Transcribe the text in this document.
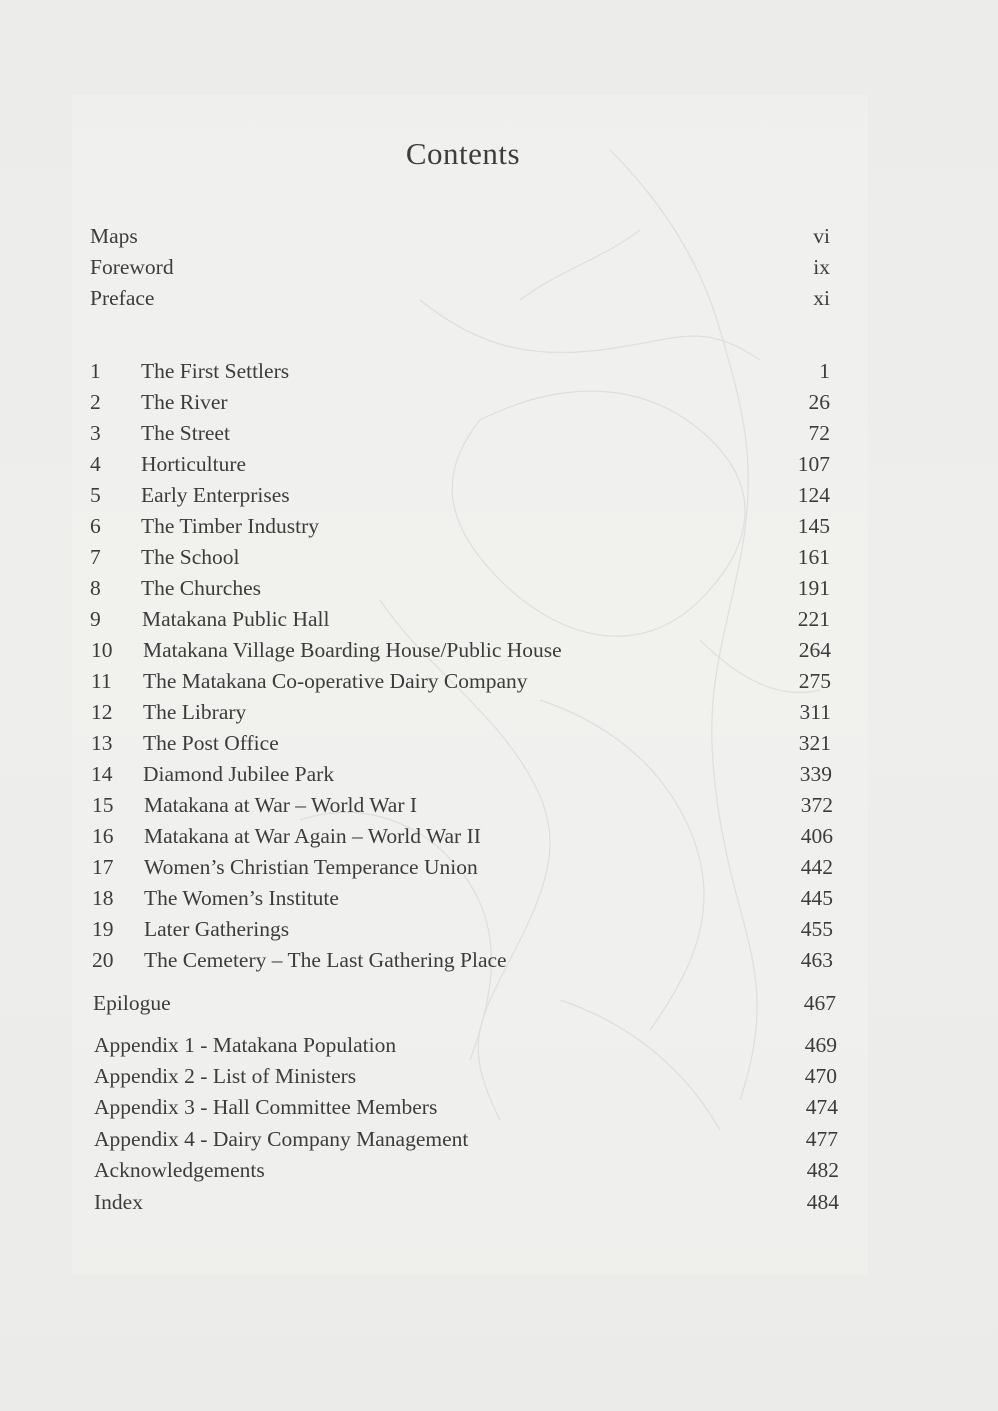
Contents
Maps	vi
Foreword	ix
Preface	xi
1 The First Settlers	1
2 The River	26
3 The Street	72
4 Horticulture	107
5 Early Enterprises	124
6 The Timber Industry	145
7 The School	161
8 The Churches	191
9 Matakana Public Hall	221
10 Matakana Village Boarding House/Public House	264
11 The Matakana Co-operative Dairy Company	275
12 The Library	311
13 The Post Office	321
14 Diamond Jubilee Park	339
15 Matakana at War – World War I	372
16 Matakana at War Again – World War II	406
17 Women’s Christian Temperance Union	442
18 The Women’s Institute	445
19 Later Gatherings	455
20 The Cemetery – The Last Gathering Place	463
Epilogue	467
Appendix 1 - Matakana Population	469
Appendix 2 - List of Ministers	470
Appendix 3 - Hall Committee Members	474
Appendix 4 - Dairy Company Management	477
Acknowledgements	482
Index	484
